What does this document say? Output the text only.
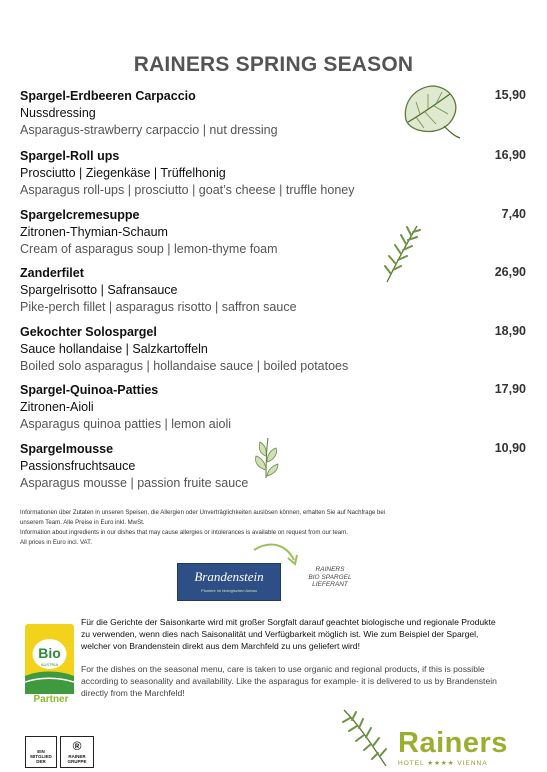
RAINERS SPRING SEASON
Spargel-Erdbeeren Carpaccio
Nussdressing
Asparagus-strawberry carpaccio | nut dressing
15,90
Spargel-Roll ups
Prosciutto | Ziegenkäse | Trüffelhonig
Asparagus roll-ups | prosciutto | goat’s cheese | truffle honey
16,90
Spargelcremesuppe
Zitronen-Thymian-Schaum
Cream of asparagus soup | lemon-thyme foam
7,40
Zanderfilet
Spargelrisotto | Safransauce
Pike-perch fillet | asparagus risotto | saffron sauce
26,90
Gekochter Solospargel
Sauce hollandaise | Salzkartoffeln
Boiled solo asparagus | hollandaise sauce | boiled potatoes
18,90
Spargel-Quinoa-Patties
Zitronen-Aioli
Asparagus quinoa patties | lemon aioli
17,90
Spargelmousse
Passionsfruchtsauce
Asparagus mousse | passion fruite sauce
10,90
Informationen über Zutaten in unseren Speisen, die Allergien oder Unverträglichkeiten auslösen können, erhalten Sie auf Nachfrage bei
unserem Team. Alle Preise in Euro inkl. MwSt.
Information about ingredients in our dishes that may cause allergies or intolerances is available on request from our team.
All prices in Euro incl. VAT.
Brandenstein
Pioniere im biologischen Anbau
RAINERS
BIO SPARGEL
LIEFERANT
Bio
AUSTRIA
Partner
Für die Gerichte der Saisonkarte wird mit großer Sorgfalt darauf geachtet biologische und regionale Produkte zu verwenden, wenn dies nach Saisonalität und Verfügbarkeit möglich ist. Wie zum Beispiel der Spargel, welcher von Brandenstein direkt aus dem Marchfeld zu uns geliefert wird!
For the dishes on the seasonal menu, care is taken to use organic and regional products, if this is possible according to seasonality and availability. Like the asparagus for example- it is delivered to us by Brandenstein directly from the Marchfeld!
EIN
MITGLIED
DER
®
RAINER
GRUPPE
Rainers
HOTEL ★★★★ VIENNA
